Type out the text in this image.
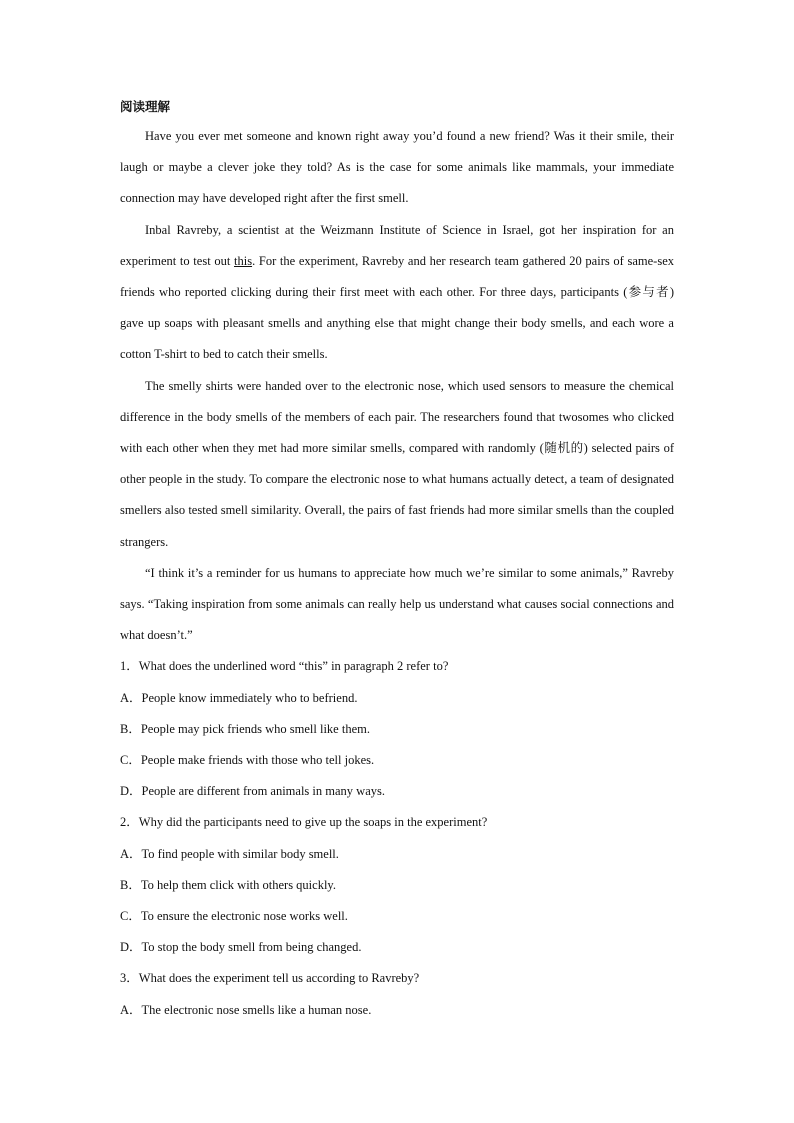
阅读理解

Have you ever met someone and known right away you’d found a new friend? Was it their smile, their laugh or maybe a clever joke they told? As is the case for some animals like mammals, your immediate connection may have developed right after the first smell.

Inbal Ravreby, a scientist at the Weizmann Institute of Science in Israel, got her inspiration for an experiment to test out this. For the experiment, Ravreby and her research team gathered 20 pairs of same-sex friends who reported clicking during their first meet with each other. For three days, participants (参与者) gave up soaps with pleasant smells and anything else that might change their body smells, and each wore a cotton T-shirt to bed to catch their smells.

The smelly shirts were handed over to the electronic nose, which used sensors to measure the chemical difference in the body smells of the members of each pair. The researchers found that twosomes who clicked with each other when they met had more similar smells, compared with randomly (随机的) selected pairs of other people in the study. To compare the electronic nose to what humans actually detect, a team of designated smellers also tested smell similarity. Overall, the pairs of fast friends had more similar smells than the coupled strangers.

“I think it’s a reminder for us humans to appreciate how much we’re similar to some animals,” Ravreby says. “Taking inspiration from some animals can really help us understand what causes social connections and what doesn’t.”

1．What does the underlined word “this” in paragraph 2 refer to?

A．People know immediately who to befriend.

B．People may pick friends who smell like them.

C．People make friends with those who tell jokes.

D．People are different from animals in many ways.

2．Why did the participants need to give up the soaps in the experiment?

A．To find people with similar body smell.

B．To help them click with others quickly.

C．To ensure the electronic nose works well.

D．To stop the body smell from being changed.

3．What does the experiment tell us according to Ravreby?

A．The electronic nose smells like a human nose.
